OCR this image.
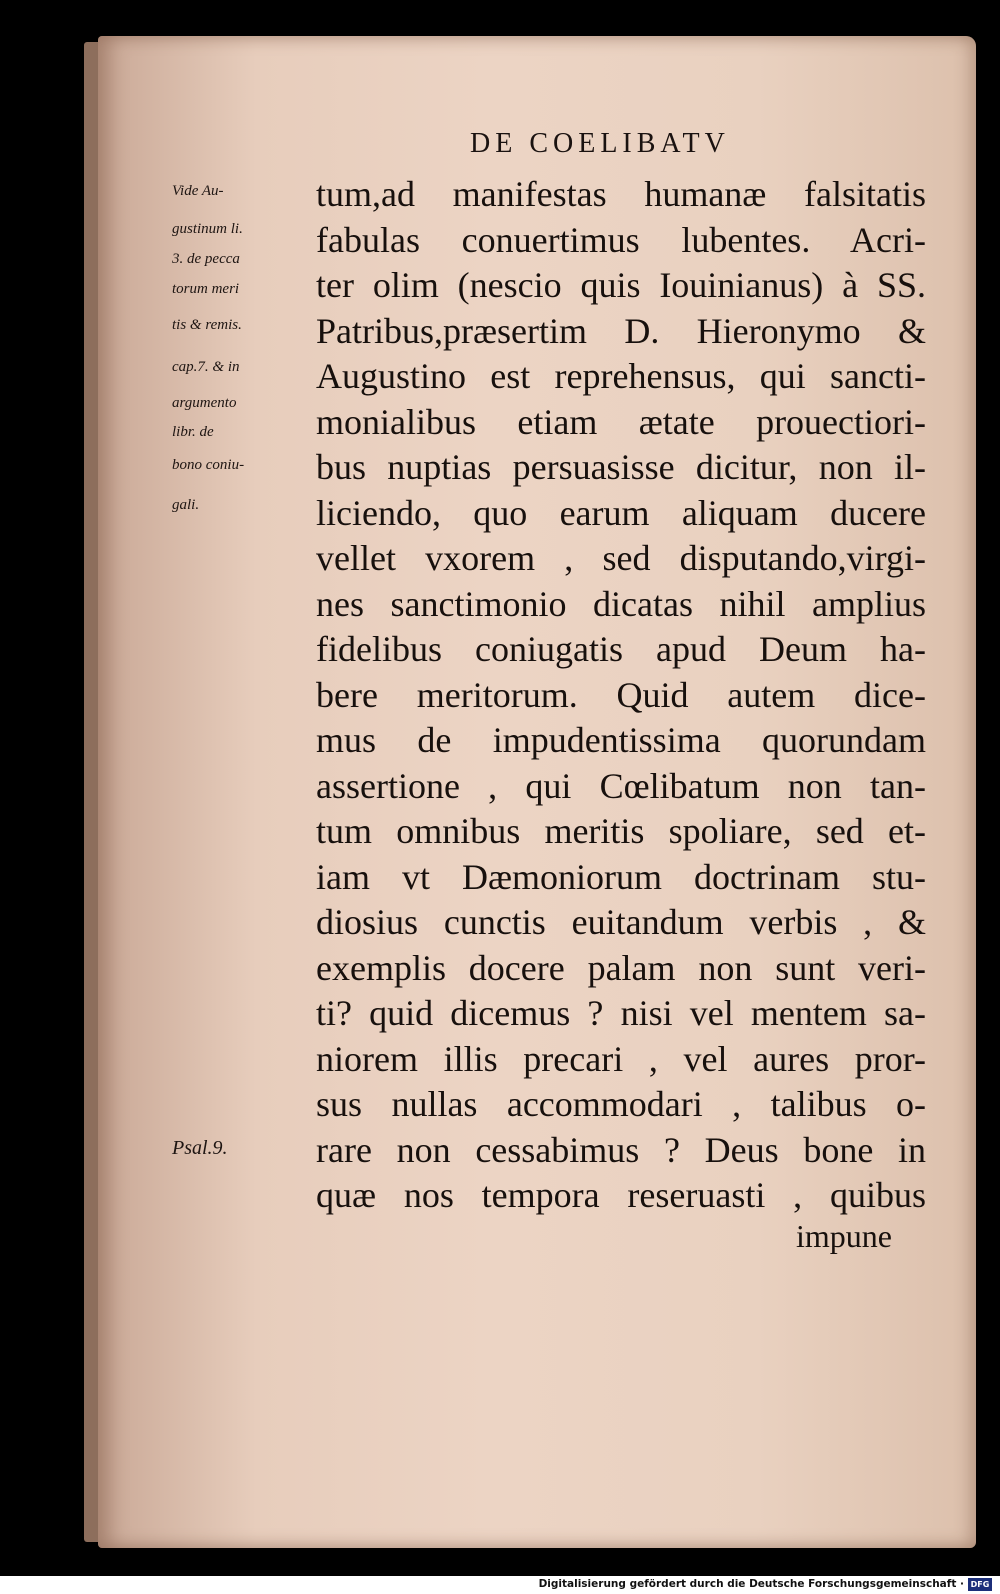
DE COELIBATV
Vide Au-
gustinum li.
3. de pecca
torum meri
tis & remis.
cap.7. & in
argumento
libr. de
bono coniu-
gali.
Psal.9.
tum,ad manifestas humanæ falsitatis
fabulas conuertimus lubentes. Acri-
ter olim (nescio quis Iouinianus) à SS.
Patribus,præsertim D. Hieronymo &
Augustino est reprehensus, qui sancti-
monialibus etiam ætate prouectiori-
bus nuptias persuasisse dicitur, non il-
liciendo, quo earum aliquam ducere
vellet vxorem , sed disputando,virgi-
nes sanctimonio dicatas nihil amplius
fidelibus coniugatis apud Deum ha-
bere meritorum. Quid autem dice-
mus de impudentissima quorundam
assertione , qui Cœlibatum non tan-
tum omnibus meritis spoliare, sed et-
iam vt Dæmoniorum doctrinam stu-
diosius cunctis euitandum verbis , &
exemplis docere palam non sunt veri-
ti? quid dicemus ? nisi vel mentem sa-
niorem illis precari , vel aures pror-
sus nullas accommodari , talibus o-
rare non cessabimus ? Deus bone in
quæ nos tempora reseruasti , quibus
impune
Digitalisierung gefördert durch die Deutsche Forschungsgemeinschaft · DFG
